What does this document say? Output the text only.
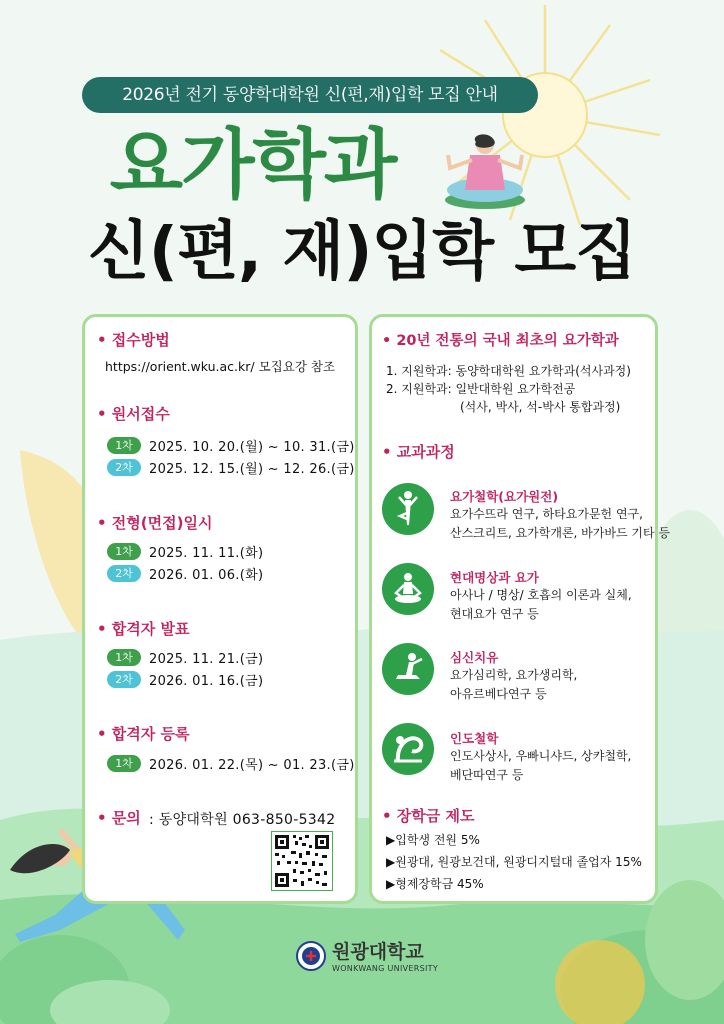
2026년 전기 동양학대학원 신(편,재)입학 모집 안내
요가학과
신(편, 재)입학 모집
• 접수방법
https://orient.wku.ac.kr/ 모집요강 참조
• 원서접수
1차	2025. 10. 20.(월) ~ 10. 31.(금)
2차	2025. 12. 15.(월) ~ 12. 26.(금)
• 전형(면접)일시
1차	2025. 11. 11.(화)
2차	2026. 01. 06.(화)
• 합격자 발표
1차	2025. 11. 21.(금)
2차	2026. 01. 16.(금)
• 합격자 등록
1차	2026. 01. 22.(목) ~ 01. 23.(금)
• 문의 : 동양대학원 063-850-5342
• 20년 전통의 국내 최초의 요가학과
1. 지원학과: 동양학대학원 요가학과(석사과정)
2. 지원학과: 일반대학원 요가학전공
(석사, 박사, 석-박사 통합과정)
• 교과과정
요가철학(요가원전)
요가수뜨라 연구, 하타요가문헌 연구,
산스크리트, 요가학개론, 바가바드 기타 등
현대명상과 요가
아사나 / 명상/ 호흡의 이론과 실체,
현대요가 연구 등
심신치유
요가심리학, 요가생리학,
아유르베다연구 등
인도철학
인도사상사, 우빠니샤드, 상캬철학,
베단따연구 등
• 장학금 제도
▶입학생 전원 5%
▶원광대, 원광보건대, 원광디지털대 졸업자 15%
▶형제장학금 45%
원광대학교
WONKWANG UNIVERSITY
